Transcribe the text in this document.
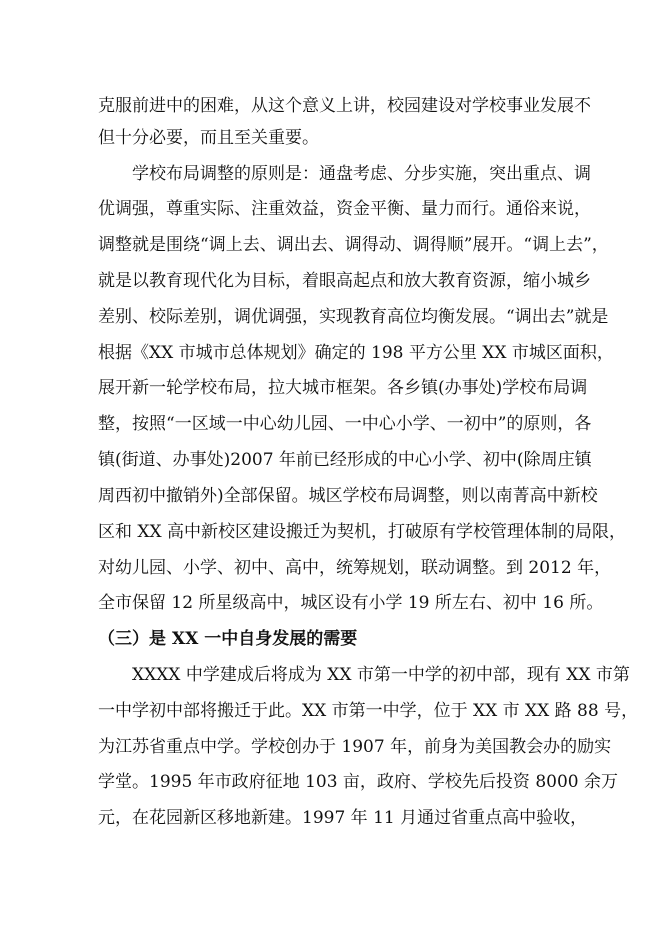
克服前进中的困难，从这个意义上讲，校园建设对学校事业发展不
但十分必要，而且至关重要。
学校布局调整的原则是：通盘考虑、分步实施，突出重点、调
优调强，尊重实际、注重效益，资金平衡、量力而行。通俗来说，
调整就是围绕“调上去、调出去、调得动、调得顺”展开。“调上去”，
就是以教育现代化为目标，着眼高起点和放大教育资源，缩小城乡
差别、校际差别，调优调强，实现教育高位均衡发展。“调出去”就是
根据《XX 市城市总体规划》确定的 198 平方公里 XX 市城区面积，
展开新一轮学校布局，拉大城市框架。各乡镇(办事处)学校布局调
整，按照“一区域一中心幼儿园、一中心小学、一初中”的原则，各
镇(街道、办事处)2007 年前已经形成的中心小学、初中(除周庄镇
周西初中撤销外)全部保留。城区学校布局调整，则以南菁高中新校
区和 XX 高中新校区建设搬迁为契机，打破原有学校管理体制的局限，
对幼儿园、小学、初中、高中，统筹规划，联动调整。到 2012 年，
全市保留 12 所星级高中，城区设有小学 19 所左右、初中 16 所。
（三）是 XX 一中自身发展的需要
XXXX 中学建成后将成为 XX 市第一中学的初中部，现有 XX 市第
一中学初中部将搬迁于此。XX 市第一中学，位于 XX 市 XX 路 88 号，
为江苏省重点中学。学校创办于 1907 年，前身为美国教会办的励实
学堂。1995 年市政府征地 103 亩，政府、学校先后投资 8000 余万
元，在花园新区移地新建。1997 年 11 月通过省重点高中验收，
